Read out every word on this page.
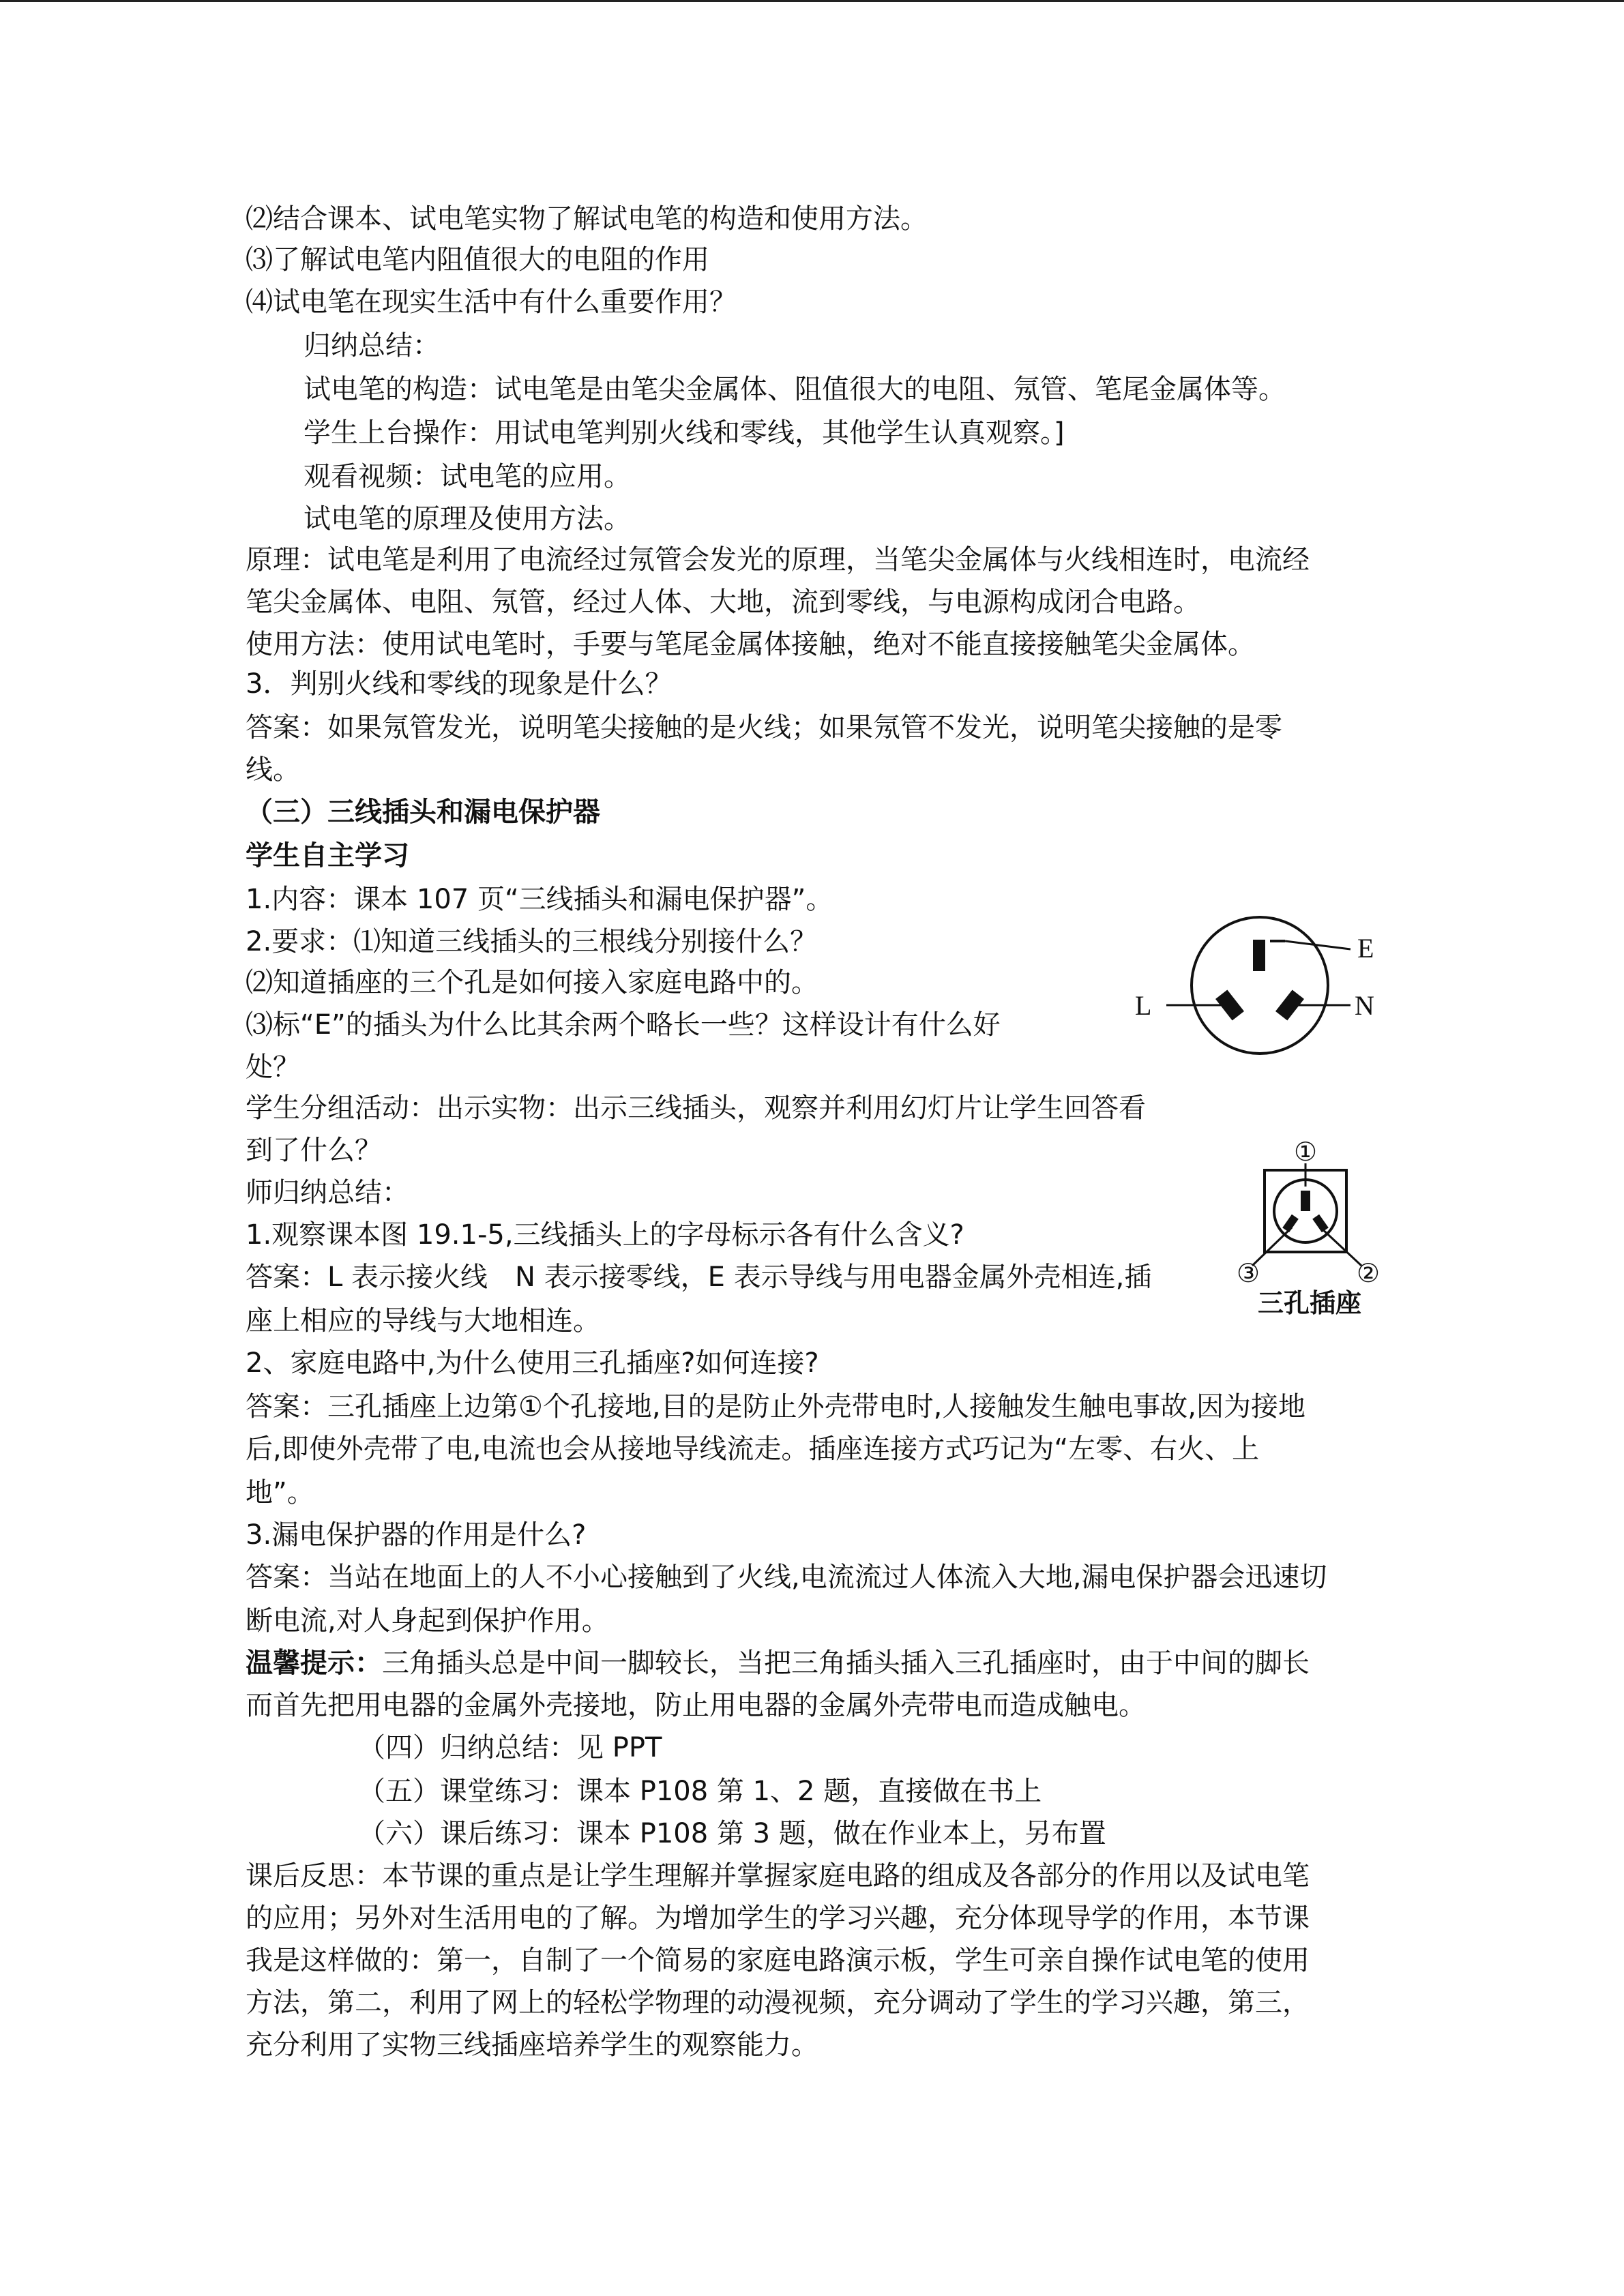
⑵结合课本、试电笔实物了解试电笔的构造和使用方法。
⑶了解试电笔内阻值很大的电阻的作用
⑷试电笔在现实生活中有什么重要作用？
归纳总结：
试电笔的构造：试电笔是由笔尖金属体、阻值很大的电阻、氖管、笔尾金属体等。
学生上台操作：用试电笔判别火线和零线，其他学生认真观察。]
观看视频：试电笔的应用。
试电笔的原理及使用方法。
原理：试电笔是利用了电流经过氖管会发光的原理，当笔尖金属体与火线相连时，电流经
笔尖金属体、电阻、氖管，经过人体、大地，流到零线，与电源构成闭合电路。
使用方法：使用试电笔时，手要与笔尾金属体接触，绝对不能直接接触笔尖金属体。
3．判别火线和零线的现象是什么？
答案：如果氖管发光，说明笔尖接触的是火线；如果氖管不发光，说明笔尖接触的是零
线。
（三）三线插头和漏电保护器
学生自主学习
1.内容：课本 107 页“三线插头和漏电保护器”。
2.要求：⑴知道三线插头的三根线分别接什么？
⑵知道插座的三个孔是如何接入家庭电路中的。
⑶标“E”的插头为什么比其余两个略长一些？这样设计有什么好
处？
学生分组活动：出示实物：出示三线插头，观察并利用幻灯片让学生回答看
到了什么？
师归纳总结：
1.观察课本图 19.1-5,三线插头上的字母标示各有什么含义?
答案：L 表示接火线　N 表示接零线，E 表示导线与用电器金属外壳相连,插
座上相应的导线与大地相连。
2、家庭电路中,为什么使用三孔插座?如何连接?
答案：三孔插座上边第①个孔接地,目的是防止外壳带电时,人接触发生触电事故,因为接地
后,即使外壳带了电,电流也会从接地导线流走。插座连接方式巧记为“左零、右火、上
地”。
3.漏电保护器的作用是什么?
答案：当站在地面上的人不小心接触到了火线,电流流过人体流入大地,漏电保护器会迅速切
断电流,对人身起到保护作用。
温馨提示：三角插头总是中间一脚较长，当把三角插头插入三孔插座时，由于中间的脚长
而首先把用电器的金属外壳接地，防止用电器的金属外壳带电而造成触电。
（四）归纳总结：见 PPT
（五）课堂练习：课本 P108 第 1、2 题，直接做在书上
（六）课后练习：课本 P108 第 3 题，做在作业本上，另布置
课后反思：本节课的重点是让学生理解并掌握家庭电路的组成及各部分的作用以及试电笔
的应用；另外对生活用电的了解。为增加学生的学习兴趣，充分体现导学的作用，本节课
我是这样做的：第一，自制了一个简易的家庭电路演示板，学生可亲自操作试电笔的使用
方法，第二，利用了网上的轻松学物理的动漫视频，充分调动了学生的学习兴趣，第三，
充分利用了实物三线插座培养学生的观察能力。
E
L	N
①
③	②
三孔插座
